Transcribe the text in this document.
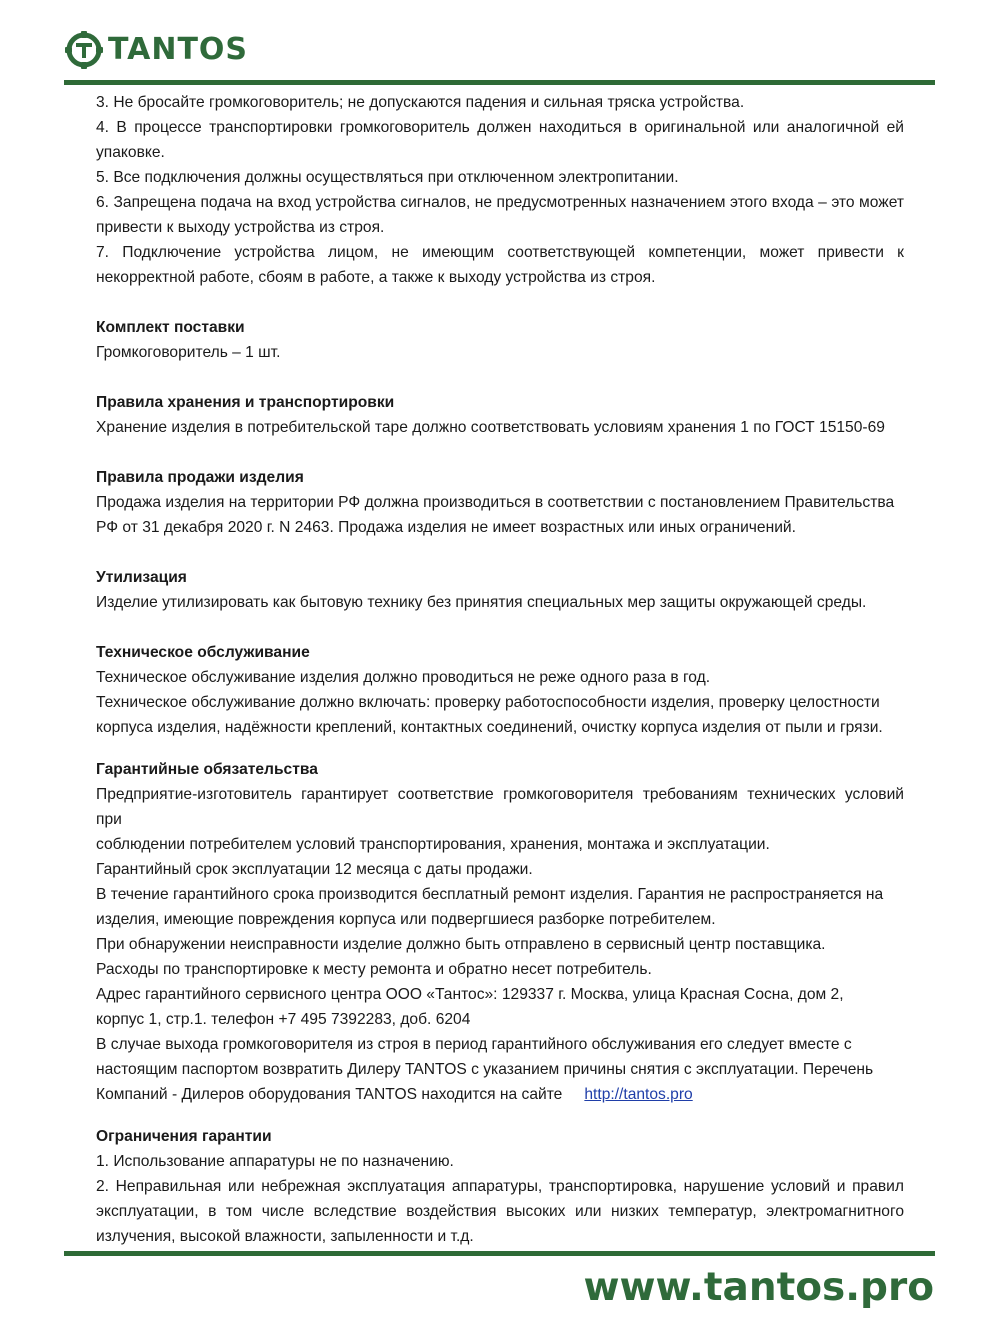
TANTOS

3. Не бросайте громкоговоритель; не допускаются падения и сильная тряска устройства.

4. В процессе транспортировки громкоговоритель должен находиться в оригинальной или аналогичной ей упаковке.

5. Все подключения должны осуществляться при отключенном электропитании.

6. Запрещена подача на вход устройства сигналов, не предусмотренных назначением этого входа – это может привести к выходу устройства из строя.

7. Подключение устройства лицом, не имеющим соответствующей компетенции, может привести к некорректной работе, сбоям в работе, а также к выходу устройства из строя.

Комплект поставки

Громкоговоритель – 1 шт.

Правила хранения и транспортировки

Хранение изделия в потребительской таре должно соответствовать условиям хранения 1 по ГОСТ 15150-69

Правила продажи изделия

Продажа изделия на территории РФ должна производиться в соответствии с постановлением Правительства

РФ от 31 декабря 2020 г. N 2463. Продажа изделия не имеет возрастных или иных ограничений.

Утилизация

Изделие утилизировать как бытовую технику без принятия специальных мер защиты окружающей среды.

Техническое обслуживание

Техническое обслуживание изделия должно проводиться не реже одного раза в год.

Техническое обслуживание должно включать: проверку работоспособности изделия, проверку целостности

корпуса изделия, надёжности креплений, контактных соединений, очистку корпуса изделия от пыли и грязи.

Гарантийные обязательства

Предприятие-изготовитель гарантирует соответствие громкоговорителя требованиям технических условий при

соблюдении потребителем условий транспортирования, хранения, монтажа и эксплуатации.

Гарантийный срок эксплуатации 12 месяца с даты продажи.

В течение гарантийного срока производится бесплатный ремонт изделия. Гарантия не распространяется на

изделия, имеющие повреждения корпуса или подвергшиеся разборке потребителем.

При обнаружении неисправности изделие должно быть отправлено в сервисный центр поставщика.

Расходы по транспортировке к месту ремонта и обратно несет потребитель.

Адрес гарантийного сервисного центра ООО «Тантос»: 129337 г. Москва, улица Красная Сосна, дом 2,

корпус 1, стр.1. телефон +7 495 7392283, доб. 6204

В случае выхода громкоговорителя из строя в период гарантийного обслуживания его следует вместе с

настоящим паспортом возвратить Дилеру TANTOS с указанием причины снятия с эксплуатации. Перечень

Компаний - Дилеров оборудования TANTOS находится на сайте http://tantos.pro

Ограничения гарантии

1. Использование аппаратуры не по назначению.

2. Неправильная или небрежная эксплуатация аппаратуры, транспортировка, нарушение условий и правил эксплуатации, в том числе вследствие воздействия высоких или низких температур, электромагнитного излучения, высокой влажности, запыленности и т.д.

www.tantos.pro
